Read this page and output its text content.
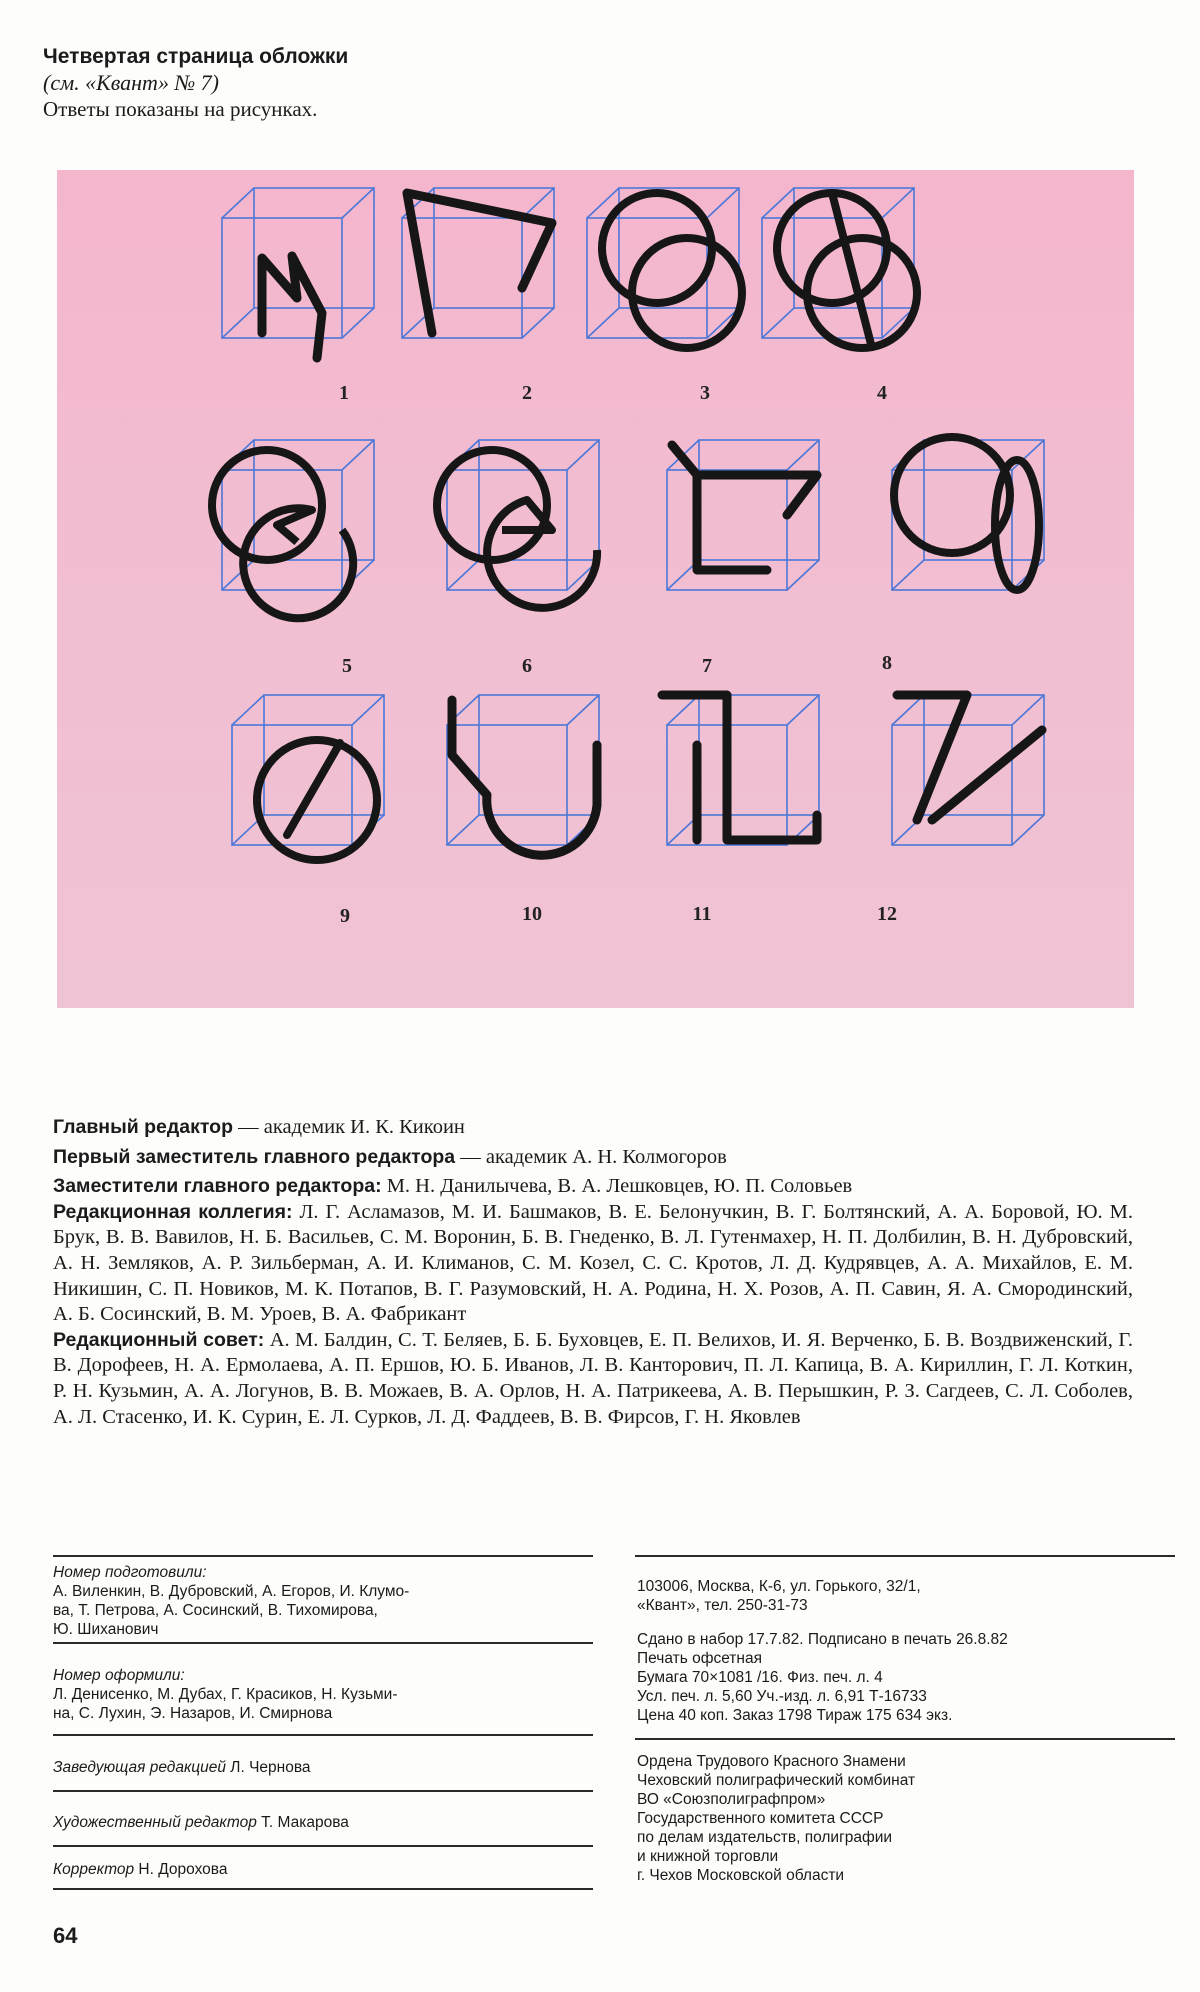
Четвертая страница обложки
(см. «Квант» № 7)
Ответы показаны на рисунках.
1	2	3	4
5	6	7	8
9	10	11	12

Главный редактор — академик И. К. Кикоин

Первый заместитель главного редактора — академик А. Н. Колмогоров

Заместители главного редактора: М. Н. Данилычева, В. А. Лешковцев, Ю. П. Соловьев

Редакционная коллегия: Л. Г. Асламазов, М. И. Башмаков, В. Е. Белонучкин, В. Г. Болтянский, А. А. Боровой, Ю. М. Брук, В. В. Вавилов, Н. Б. Васильев, С. М. Воронин, Б. В. Гнеденко, В. Л. Гутенмахер, Н. П. Долбилин, В. Н. Дубровский, А. Н. Земляков, А. Р. Зильберман, А. И. Климанов, С. М. Козел, С. С. Кротов, Л. Д. Кудрявцев, А. А. Михайлов, Е. М. Никишин, С. П. Новиков, М. К. Потапов, В. Г. Разумовский, Н. А. Родина, Н. Х. Розов, А. П. Савин, Я. А. Смородинский, А. Б. Сосинский, В. М. Уроев, В. А. Фабрикант

Редакционный совет: А. М. Балдин, С. Т. Беляев, Б. Б. Буховцев, Е. П. Велихов, И. Я. Верченко, Б. В. Воздвиженский, Г. В. Дорофеев, Н. А. Ермолаева, А. П. Ершов, Ю. Б. Иванов, Л. В. Канторович, П. Л. Капица, В. А. Кириллин, Г. Л. Коткин, Р. Н. Кузьмин, А. А. Логунов, В. В. Можаев, В. А. Орлов, Н. А. Патрикеева, А. В. Перышкин, Р. З. Сагдеев, С. Л. Соболев, А. Л. Стасенко, И. К. Сурин, Е. Л. Сурков, Л. Д. Фаддеев, В. В. Фирсов, Г. Н. Яковлев

Номер подготовили:
А. Виленкин, В. Дубровский, А. Егоров, И. Клумо-
ва, Т. Петрова, А. Сосинский, В. Тихомирова,
Ю. Шиханович
Номер оформили:
Л. Денисенко, М. Дубах, Г. Красиков, Н. Кузьми-
на, С. Лухин, Э. Назаров, И. Смирнова
Заведующая редакцией Л. Чернова
Художественный редактор Т. Макарова
Корректор Н. Дорохова
103006, Москва, К-6, ул. Горького, 32/1,
«Квант», тел. 250-31-73
Сдано в набор 17.7.82. Подписано в печать 26.8.82
Печать офсетная
Бумага 70×1081 /16. Физ. печ. л. 4
Усл. печ. л. 5,60 Уч.-изд. л. 6,91 Т-16733
Цена 40 коп. Заказ 1798 Тираж 175 634 экз.
Ордена Трудового Красного Знамени
Чеховский полиграфический комбинат
ВО «Союзполиграфпром»
Государственного комитета СССР
по делам издательств, полиграфии
и книжной торговли
г. Чехов Московской области
64
